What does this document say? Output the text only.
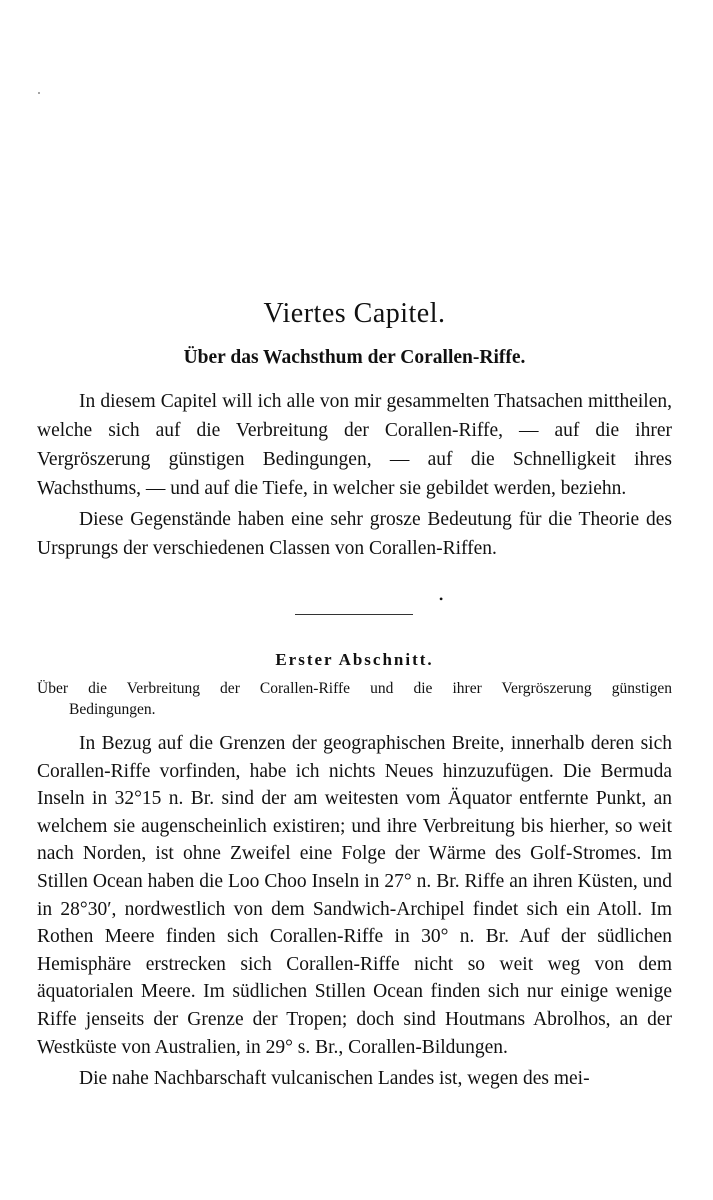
Viertes Capitel.
Über das Wachsthum der Corallen-Riffe.

In diesem Capitel will ich alle von mir gesammelten Thatsachen mittheilen, welche sich auf die Verbreitung der Corallen-Riffe, — auf die ihrer Vergröszerung günstigen Bedingungen, — auf die Schnelligkeit ihres Wachsthums, — und auf die Tiefe, in welcher sie gebildet werden, beziehn.

Diese Gegenstände haben eine sehr grosze Bedeutung für die Theorie des Ursprungs der verschiedenen Classen von Corallen-Riffen.

•
Erster Abschnitt.
Über die Verbreitung der Corallen-Riffe und die ihrer Vergröszerung günstigen
Bedingungen.

In Bezug auf die Grenzen der geographischen Breite, innerhalb deren sich Corallen-Riffe vorfinden, habe ich nichts Neues hinzuzufügen. Die Bermuda Inseln in 32°15 n. Br. sind der am weitesten vom Äquator entfernte Punkt, an welchem sie augenscheinlich existiren; und ihre Verbreitung bis hierher, so weit nach Norden, ist ohne Zweifel eine Folge der Wärme des Golf-Stromes. Im Stillen Ocean haben die Loo Choo Inseln in 27° n. Br. Riffe an ihren Küsten, und in 28°30′, nordwestlich von dem Sandwich-Archipel findet sich ein Atoll. Im Rothen Meere finden sich Corallen-Riffe in 30° n. Br. Auf der südlichen Hemisphäre erstrecken sich Corallen-Riffe nicht so weit weg von dem äquatorialen Meere. Im südlichen Stillen Ocean finden sich nur einige wenige Riffe jenseits der Grenze der Tropen; doch sind Houtmans Abrolhos, an der Westküste von Australien, in 29° s. Br., Corallen-Bildungen.

Die nahe Nachbarschaft vulcanischen Landes ist, wegen des mei-
